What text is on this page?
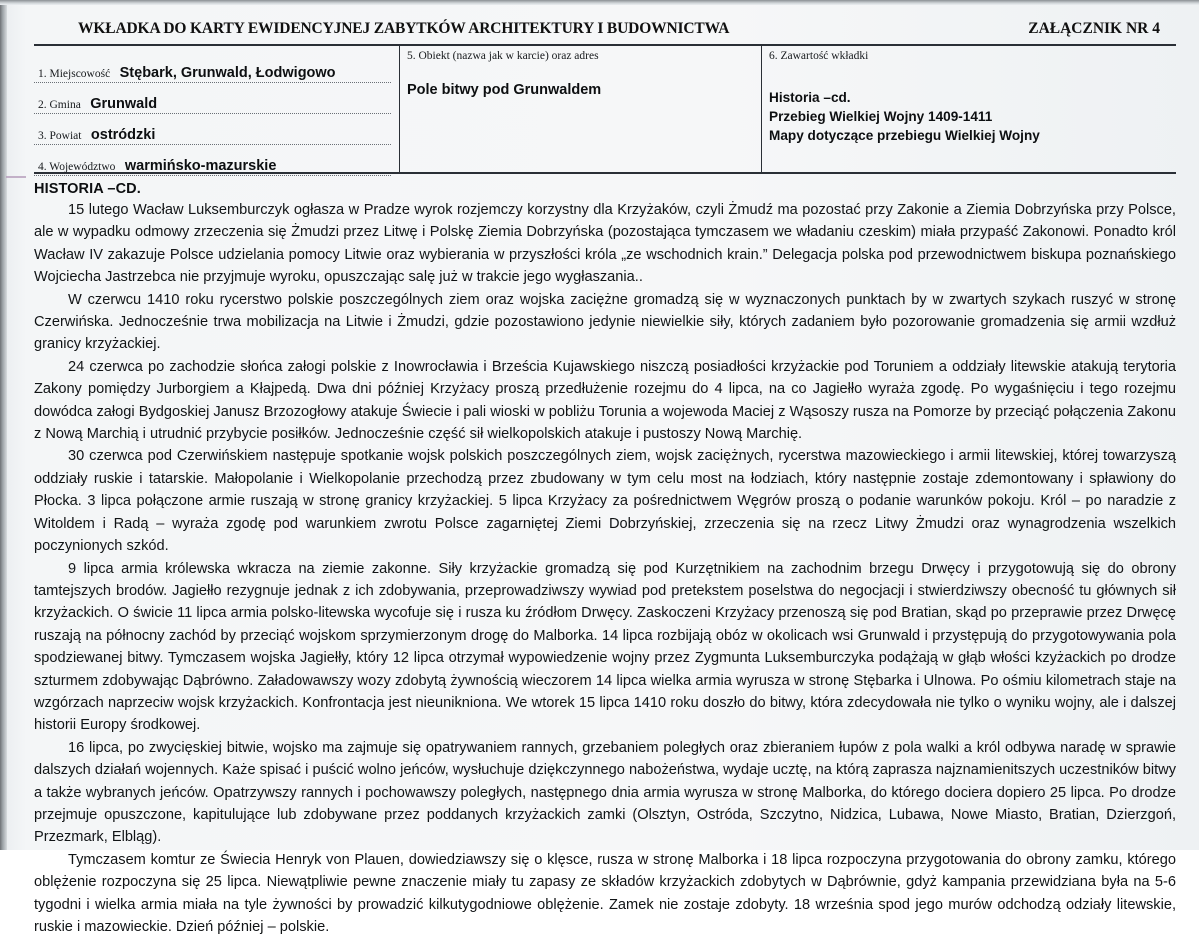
WKŁADKA DO KARTY EWIDENCYJNEJ ZABYTKÓW ARCHITEKTURY I BUDOWNICTWA	ZAŁĄCZNIK NR 4
$_{1. Miejscowość}$ Stębark, Grunwald, Łodwigowo
$_{2. Gmina}$ Grunwald
$_{3. Powiat}$ ostródzki
$_{4. Województwo}$ warmińsko-mazurskie
5. Obiekt (nazwa jak w karcie) oraz adres
Pole bitwy pod Grunwaldem
6. Zawartość wkładki
Historia –cd.
Przebieg Wielkiej Wojny 1409-1411
Mapy dotyczące przebiegu Wielkiej Wojny
HISTORIA –CD.

15 lutego Wacław Luksemburczyk ogłasza w Pradze wyrok rozjemczy korzystny dla Krzyżaków, czyli Żmudź ma pozostać przy Zakonie a Ziemia Dobrzyńska przy Polsce, ale w wypadku odmowy zrzeczenia się Żmudzi przez Litwę i Polskę Ziemia Dobrzyńska (pozostająca tymczasem we władaniu czeskim) miała przypaść Zakonowi. Ponadto król Wacław IV zakazuje Polsce udzielania pomocy Litwie oraz wybierania w przyszłości króla „ze wschodnich krain.” Delegacja polska pod przewodnictwem biskupa poznańskiego Wojciecha Jastrzebca nie przyjmuje wyroku, opuszczając salę już w trakcie jego wygłaszania..

W czerwcu 1410 roku rycerstwo polskie poszczególnych ziem oraz wojska zaciężne gromadzą się w wyznaczonych punktach by w zwartych szykach ruszyć w stronę Czerwińska. Jednocześnie trwa mobilizacja na Litwie i Żmudzi, gdzie pozostawiono jedynie niewielkie siły, których zadaniem było pozorowanie gromadzenia się armii wzdłuż granicy krzyżackiej.

24 czerwca po zachodzie słońca załogi polskie z Inowrocławia i Brześcia Kujawskiego niszczą posiadłości krzyżackie pod Toruniem a oddziały litewskie atakują terytoria Zakony pomiędzy Jurborgiem a Kłajpedą. Dwa dni później Krzyżacy proszą przedłużenie rozejmu do 4 lipca, na co Jagiełło wyraża zgodę. Po wygaśnięciu i tego rozejmu dowódca załogi Bydgoskiej Janusz Brzozogłowy atakuje Świecie i pali wioski w pobliżu Torunia a wojewoda Maciej z Wąsoszy rusza na Pomorze by przeciąć połączenia Zakonu z Nową Marchią i utrudnić przybycie posiłków. Jednocześnie część sił wielkopolskich atakuje i pustoszy Nową Marchię.

30 czerwca pod Czerwińskiem następuje spotkanie wojsk polskich poszczególnych ziem, wojsk zaciężnych, rycerstwa mazowieckiego i armii litewskiej, której towarzyszą oddziały ruskie i tatarskie. Małopolanie i Wielkopolanie przechodzą przez zbudowany w tym celu most na łodziach, który następnie zostaje zdemontowany i spławiony do Płocka. 3 lipca połączone armie ruszają w stronę granicy krzyżackiej. 5 lipca Krzyżacy za pośrednictwem Węgrów proszą o podanie warunków pokoju. Król – po naradzie z Witoldem i Radą – wyraża zgodę pod warunkiem zwrotu Polsce zagarniętej Ziemi Dobrzyńskiej, zrzeczenia się na rzecz Litwy Żmudzi oraz wynagrodzenia wszelkich poczynionych szkód.

9 lipca armia królewska wkracza na ziemie zakonne. Siły krzyżackie gromadzą się pod Kurzętnikiem na zachodnim brzegu Drwęcy i przygotowują się do obrony tamtejszych brodów. Jagiełło rezygnuje jednak z ich zdobywania, przeprowadziwszy wywiad pod pretekstem poselstwa do negocjacji i stwierdziwszy obecność tu głównych sił krzyżackich. O świcie 11 lipca armia polsko-litewska wycofuje się i rusza ku źródłom Drwęcy. Zaskoczeni Krzyżacy przenoszą się pod Bratian, skąd po przeprawie przez Drwęcę ruszają na północny zachód by przeciąć wojskom sprzymierzonym drogę do Malborka. 14 lipca rozbijają obóz w okolicach wsi Grunwald i przystępują do przygotowywania pola spodziewanej bitwy. Tymczasem wojska Jagiełły, który 12 lipca otrzymał wypowiedzenie wojny przez Zygmunta Luksemburczyka podążają w głąb włości kzyżackich po drodze szturmem zdobywając Dąbrówno. Załadowawszy wozy zdobytą żywnością wieczorem 14 lipca wielka armia wyrusza w stronę Stębarka i Ulnowa. Po ośmiu kilometrach staje na wzgórzach naprzeciw wojsk krzyżackich. Konfrontacja jest nieunikniona. We wtorek 15 lipca 1410 roku doszło do bitwy, która zdecydowała nie tylko o wyniku wojny, ale i dalszej historii Europy środkowej.

16 lipca, po zwycięskiej bitwie, wojsko ma zajmuje się opatrywaniem rannych, grzebaniem poległych oraz zbieraniem łupów z pola walki a król odbywa naradę w sprawie dalszych działań wojennych. Każe spisać i puścić wolno jeńców, wysłuchuje dziękczynnego nabożeństwa, wydaje ucztę, na którą zaprasza najznamienitszych uczestników bitwy a także wybranych jeńców. Opatrzywszy rannych i pochowawszy poległych, następnego dnia armia wyrusza w stronę Malborka, do którego dociera dopiero 25 lipca. Po drodze przejmuje opuszczone, kapitulujące lub zdobywane przez poddanych krzyżackich zamki (Olsztyn, Ostróda, Szczytno, Nidzica, Lubawa, Nowe Miasto, Bratian, Dzierzgoń, Przezmark, Elbląg).

Tymczasem komtur ze Świecia Henryk von Plauen, dowiedziawszy się o klęsce, rusza w stronę Malborka i 18 lipca rozpoczyna przygotowania do obrony zamku, którego oblężenie rozpoczyna się 25 lipca. Niewątpliwie pewne znaczenie miały tu zapasy ze składów krzyżackich zdobytych w Dąbrównie, gdyż kampania przewidziana była na 5-6 tygodni i wielka armia miała na tyle żywności by prowadzić kilkutygodniowe oblężenie. Zamek nie zostaje zdobyty. 18 września spod jego murów odchodzą odziały litewskie, ruskie i mazowieckie. Dzień później – polskie.
